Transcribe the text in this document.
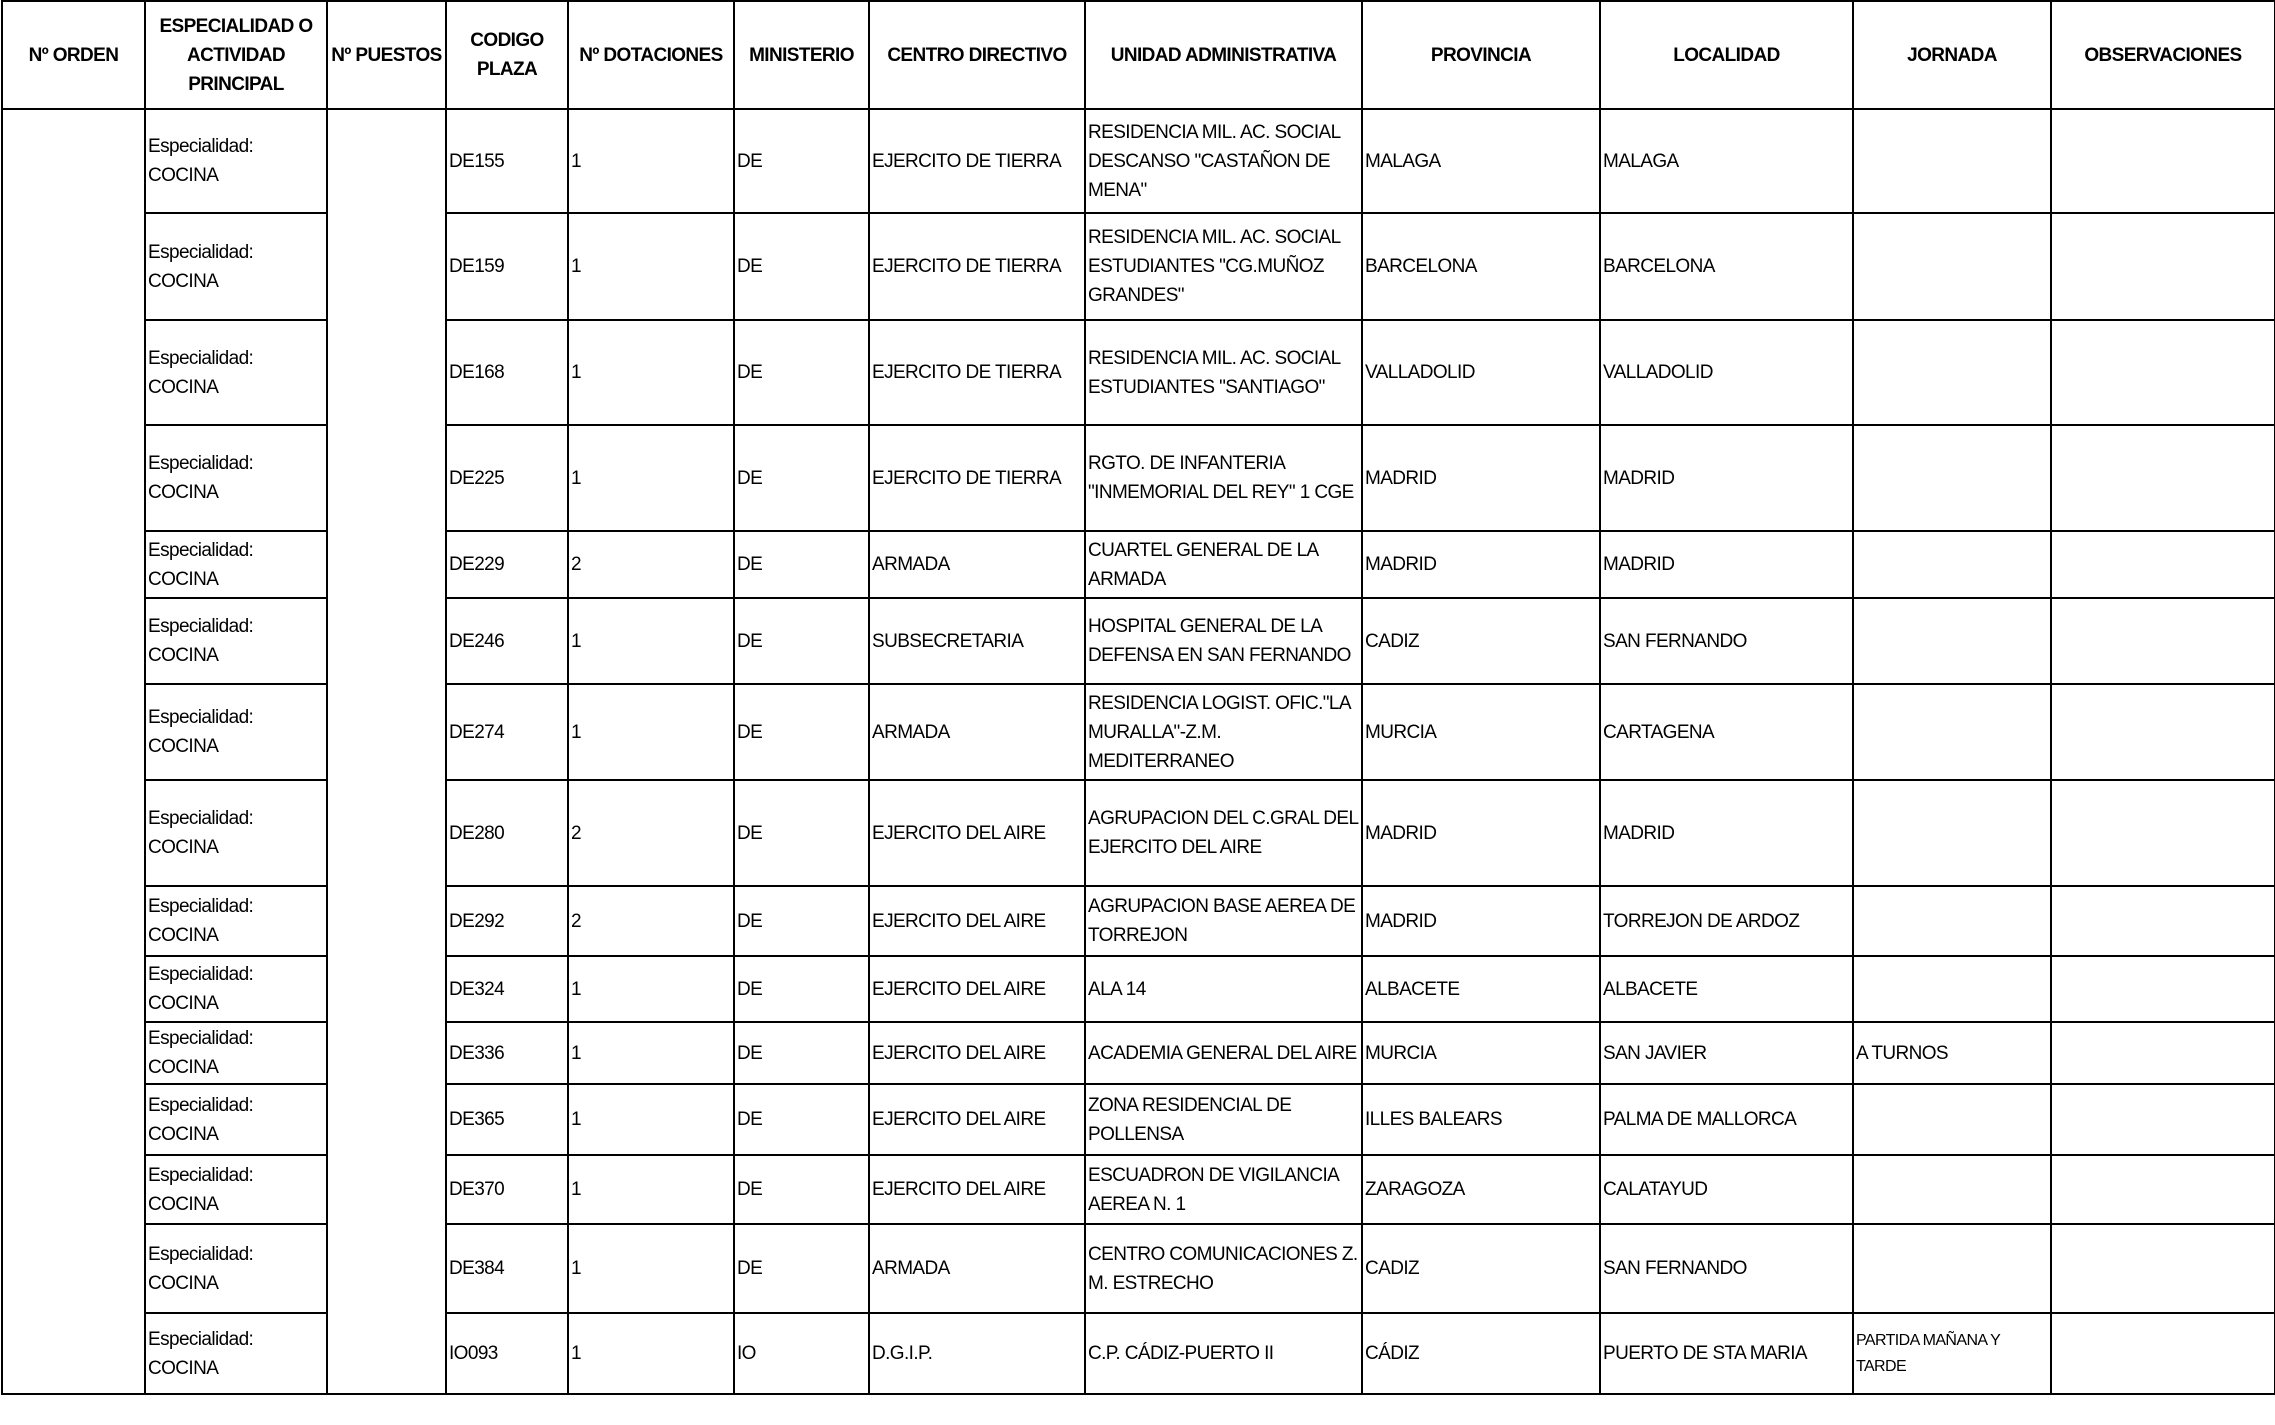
Nº ORDEN	ESPECIALIDAD O ACTIVIDAD PRINCIPAL	Nº PUESTOS	CODIGO PLAZA	Nº DOTACIONES	MINISTERIO	CENTRO DIRECTIVO	UNIDAD ADMINISTRATIVA	PROVINCIA	LOCALIDAD	JORNADA	OBSERVACIONES
	Especialidad: COCINA		DE155	1	DE	EJERCITO DE TIERRA	RESIDENCIA MIL. AC. SOCIAL DESCANSO "CASTAÑON DE MENA"	MALAGA	MALAGA		
	Especialidad: COCINA		DE159	1	DE	EJERCITO DE TIERRA	RESIDENCIA MIL. AC. SOCIAL ESTUDIANTES "CG.MUÑOZ GRANDES"	BARCELONA	BARCELONA		
	Especialidad: COCINA		DE168	1	DE	EJERCITO DE TIERRA	RESIDENCIA MIL. AC. SOCIAL ESTUDIANTES "SANTIAGO"	VALLADOLID	VALLADOLID		
	Especialidad: COCINA		DE225	1	DE	EJERCITO DE TIERRA	RGTO. DE INFANTERIA "INMEMORIAL DEL REY" 1 CGE	MADRID	MADRID		
	Especialidad: COCINA		DE229	2	DE	ARMADA	CUARTEL GENERAL DE LA ARMADA	MADRID	MADRID		
	Especialidad: COCINA		DE246	1	DE	SUBSECRETARIA	HOSPITAL GENERAL DE LA DEFENSA EN SAN FERNANDO	CADIZ	SAN FERNANDO		
	Especialidad: COCINA		DE274	1	DE	ARMADA	RESIDENCIA LOGIST. OFIC."LA MURALLA"-Z.M. MEDITERRANEO	MURCIA	CARTAGENA		
	Especialidad: COCINA		DE280	2	DE	EJERCITO DEL AIRE	AGRUPACION DEL C.GRAL DEL EJERCITO DEL AIRE	MADRID	MADRID		
	Especialidad: COCINA		DE292	2	DE	EJERCITO DEL AIRE	AGRUPACION BASE AEREA DE TORREJON	MADRID	TORREJON DE ARDOZ		
	Especialidad: COCINA		DE324	1	DE	EJERCITO DEL AIRE	ALA 14	ALBACETE	ALBACETE		
	Especialidad: COCINA		DE336	1	DE	EJERCITO DEL AIRE	ACADEMIA GENERAL DEL AIRE	MURCIA	SAN JAVIER	A TURNOS	
	Especialidad: COCINA		DE365	1	DE	EJERCITO DEL AIRE	ZONA RESIDENCIAL DE POLLENSA	ILLES BALEARS	PALMA DE MALLORCA		
	Especialidad: COCINA		DE370	1	DE	EJERCITO DEL AIRE	ESCUADRON DE VIGILANCIA AEREA N. 1	ZARAGOZA	CALATAYUD		
	Especialidad: COCINA		DE384	1	DE	ARMADA	CENTRO COMUNICACIONES Z. M. ESTRECHO	CADIZ	SAN FERNANDO		
	Especialidad: COCINA		IO093	1	IO	D.G.I.P.	C.P. CÁDIZ-PUERTO II	CÁDIZ	PUERTO DE STA MARIA	PARTIDA MAÑANA Y TARDE	
